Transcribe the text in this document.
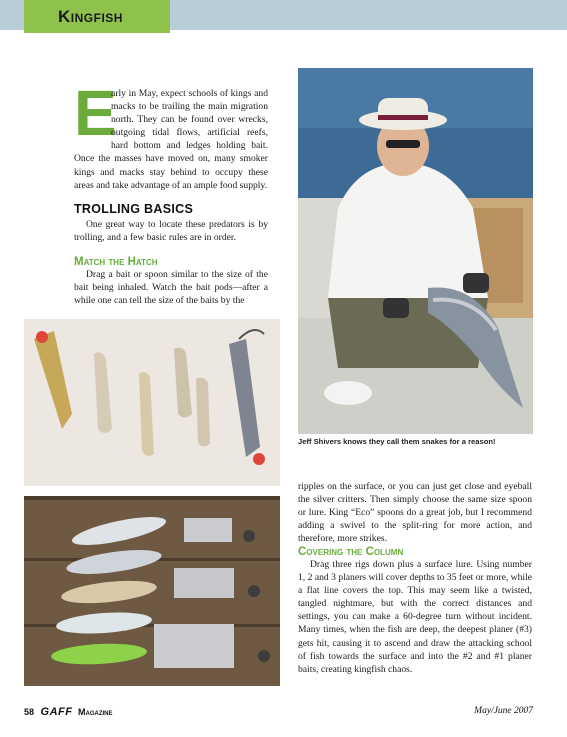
Kingfish
E
arly in May, expect schools of kings and macks to be trailing the main migration north. They can be found over wrecks, outgoing tidal flows, artificial reefs, hard bottom and ledges holding bait. Once the masses have moved on, many smoker kings and macks stay behind to occupy these areas and take advantage of an ample food supply.
TROLLING BASICS
One great way to locate these predators is by trolling, and a few basic rules are in order.
Match the Hatch
Drag a bait or spoon similar to the size of the bait being inhaled. Watch the bait pods—after a while one can tell the size of the baits by the
Jeff Shivers knows they call them snakes for a reason!
ripples on the surface, or you can just get close and eyeball the silver critters. Then simply choose the same size spoon or lure. King “Eco” spoons do a great job, but I recommend adding a swivel to the split-ring for more action, and therefore, more strikes.
Covering the Column
Drag three rigs down plus a surface lure. Using number 1, 2 and 3 planers will cover depths to 35 feet or more, while a flat line covers the top. This may seem like a twisted, tangled nightmare, but with the correct distances and settings, you can make a 60-degree turn without incident. Many times, when the fish are deep, the deepest planer (#3) gets hit, causing it to ascend and draw the attacking school of fish towards the surface and into the #2 and #1 planer baits, creating kingfish chaos.
58 GAFF Magazine	May/June 2007
